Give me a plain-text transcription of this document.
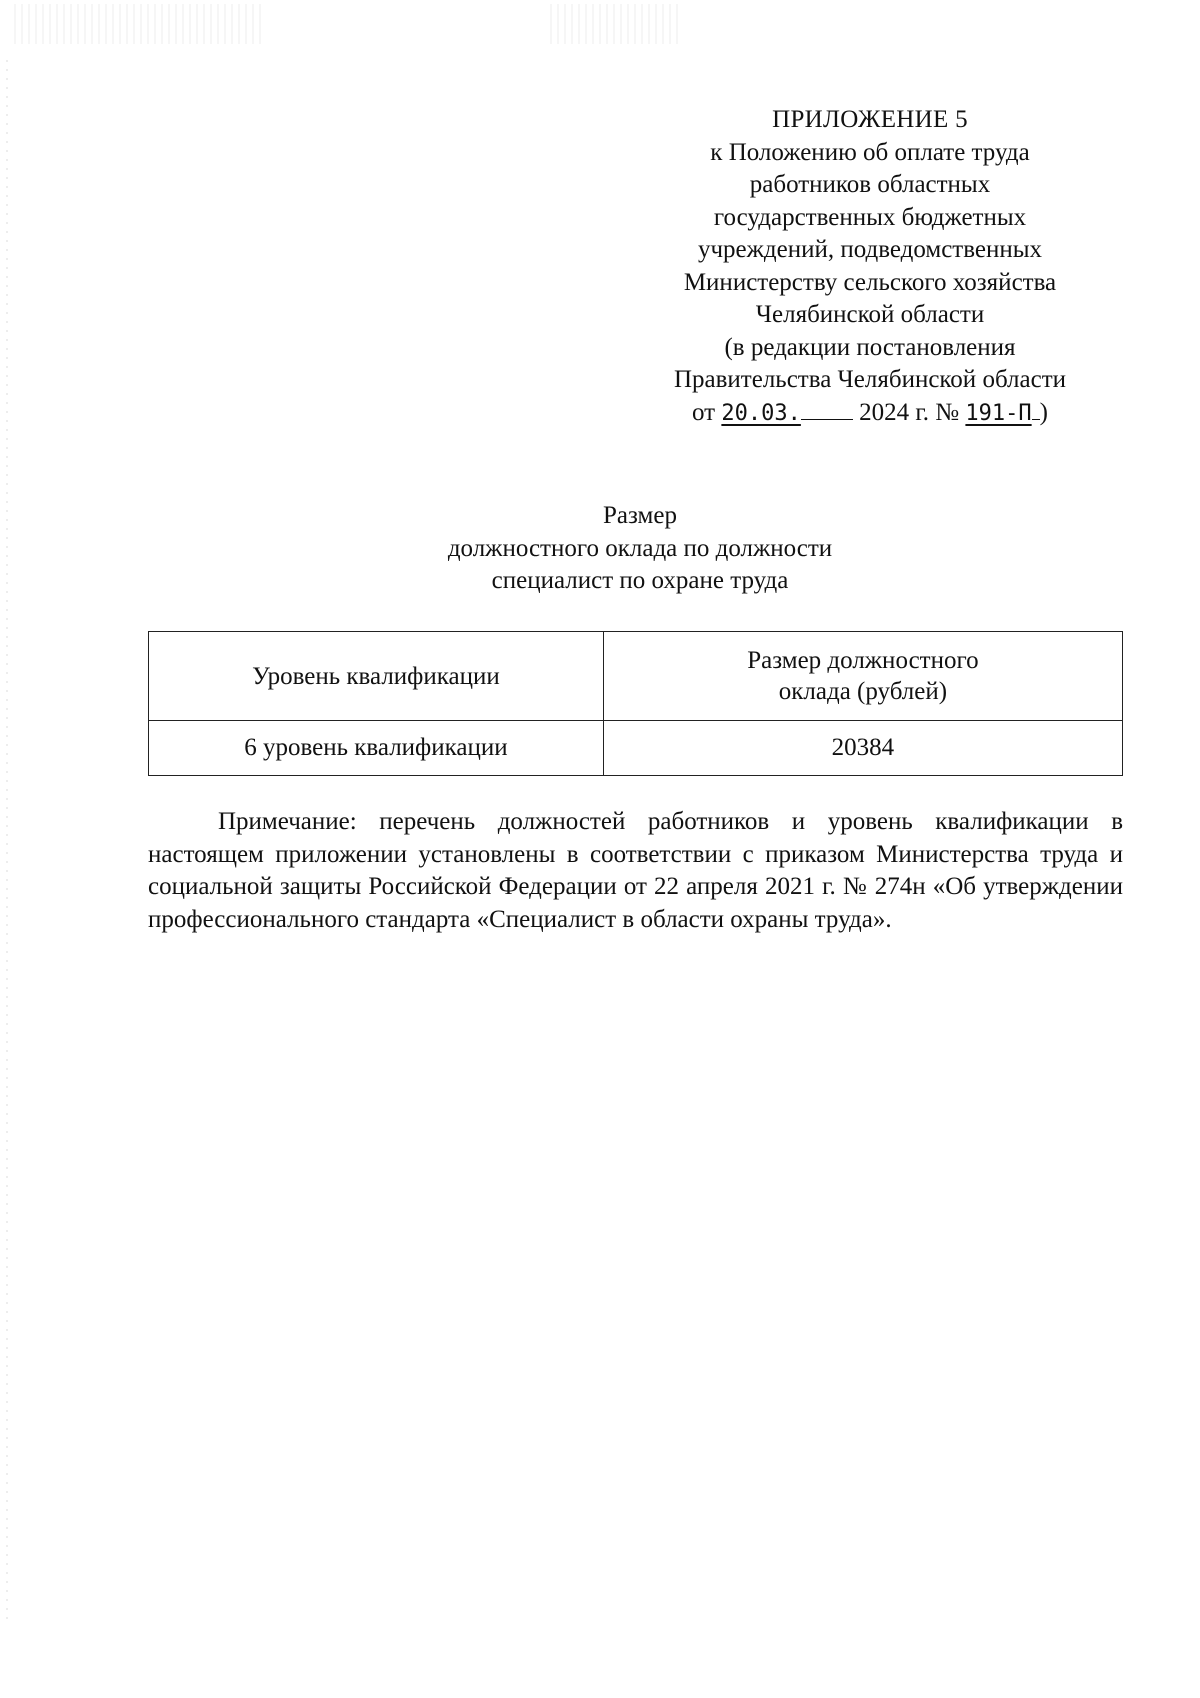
ПРИЛОЖЕНИЕ 5
к Положению об оплате труда
работников областных
государственных бюджетных
учреждений, подведомственных
Министерству сельского хозяйства
Челябинской области
(в редакции постановления
Правительства Челябинской области
от 20.03. 2024 г. № 191-П )
Размер
должностного оклада по должности
специалист по охране труда
Уровень квалификации	Размер должностного
оклада (рублей)

6 уровень квалификации	20384
Примечание: перечень должностей работников и уровень квалификации в настоящем приложении установлены в соответствии с приказом Министерства труда и социальной защиты Российской Федерации от 22 апреля 2021 г. № 274н «Об утверждении профессионального стандарта «Специалист в области охраны труда».
